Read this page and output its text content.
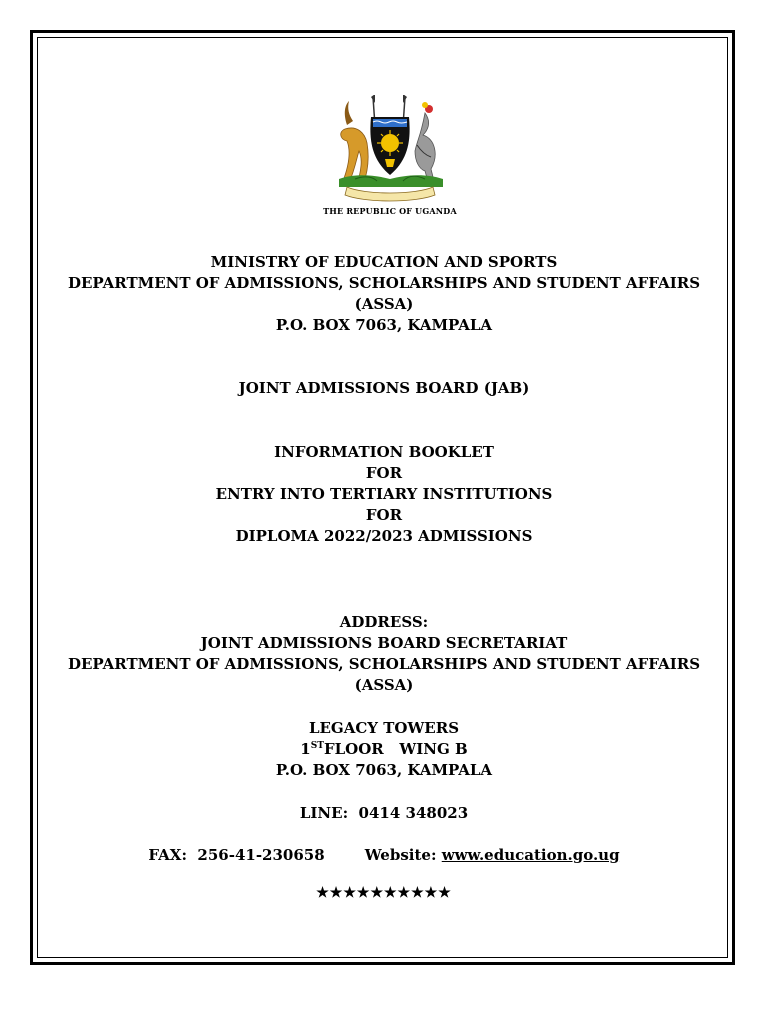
THE REPUBLIC OF UGANDA
MINISTRY OF EDUCATION AND SPORTS
DEPARTMENT OF ADMISSIONS, SCHOLARSHIPS AND STUDENT AFFAIRS
(ASSA)
P.O. BOX 7063, KAMPALA
JOINT ADMISSIONS BOARD (JAB)
INFORMATION BOOKLET
FOR
ENTRY INTO TERTIARY INSTITUTIONS
FOR
DIPLOMA 2022/2023 ADMISSIONS
ADDRESS:
JOINT ADMISSIONS BOARD SECRETARIAT
DEPARTMENT OF ADMISSIONS, SCHOLARSHIPS AND STUDENT AFFAIRS
(ASSA)
LEGACY TOWERS
1STFLOOR   WING B
P.O. BOX 7063, KAMPALA
LINE:  0414 348023
FAX:  256-41-230658	Website: www.education.go.ug
★★★★★★★★★★
